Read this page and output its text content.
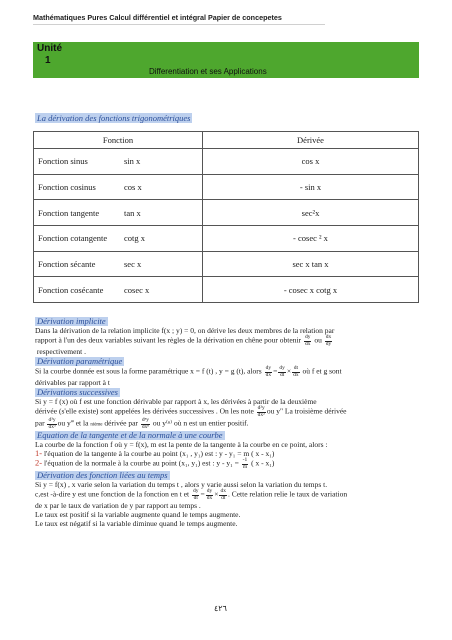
Mathématiques Pures Calcul différentiel et intégral Papier de concepetes
Unité
1
Differentiation et ses Applications
La dérivation des fonctions trigonométriques
Fonction	Dérivée
Fonction sinus sin x	cos x
Fonction cosinus cos x	- sin x
Fonction tangente tan x	sec²x
Fonction cotangente cotg x	- cosec ² x
Fonction sécante sec x	sec x tan x
Fonction cosécante cosec x	- cosec x cotg x
Dérivation implicite

Dans la dérivation de la relation implicite f(x ; y) = 0, on dérive les deux membres de la relation par

rapport à l'un des deux variables suivant les règles de la dérivation en chêne pour obtenir $\frac{dy}{dx}$ ou $\frac{dx}{dy}$

respectivement .

Dérivation paramétrique

Si la courbe donnée est sous la forme paramétrique x = f (t) , y = g (t), alors $\frac{dy}{dx} = \frac{dy}{dt} \times \frac{dt}{dx}$ où f et g sont

dérivables par rapport à t

Dérivations successives

Si y = f (x) où f est une fonction dérivable par rapport à x, les dérivées à partir de la deuxième

dérivée (s'elle existe) sont appelées les dérivées successives . On les note $\frac{\text{d²y}}{\text{dx²}}$ ou y" La troisième dérivée

par $\frac{\text{d³y}}{\text{dx³}}$ ou y‴ et la nième dérivée par dⁿy
dxⁿ ou y⁽ⁿ⁾ où n est un entier positif.

Equation de la tangente et de la normale à une courbe

La courbe de la fonction f où y = f(x), m est la pente de la tangente à la courbe en ce point, alors :

1- l'équation de la tangente à la courbe au point (x₁ , y₁) est : y - y₁ = m ( x - x₁)

2- l'équation de la normale à la courbe au point (x₁, y₁) est : $y - y_1 = \frac{-1}{m}$ ( x - x₁)

Dérivation des fonction liées au temps

Si y = f(x) , x varie selon la variation du temps t , alors y varie aussi selon la variation du temps t.

c,est -à-dire y est une fonction de la fonction en t et $\frac{dy}{dt} = \frac{dy}{dx} \times \frac{dx}{dt}$ . Cette relation relie le taux de variation

de x par le taux de variation de y par rapport au temps .

Le taux est positif si la variable augmente quand le temps augmente.

Le taux est négatif si la variable diminue quand le temps augmente.

٤٢٦
